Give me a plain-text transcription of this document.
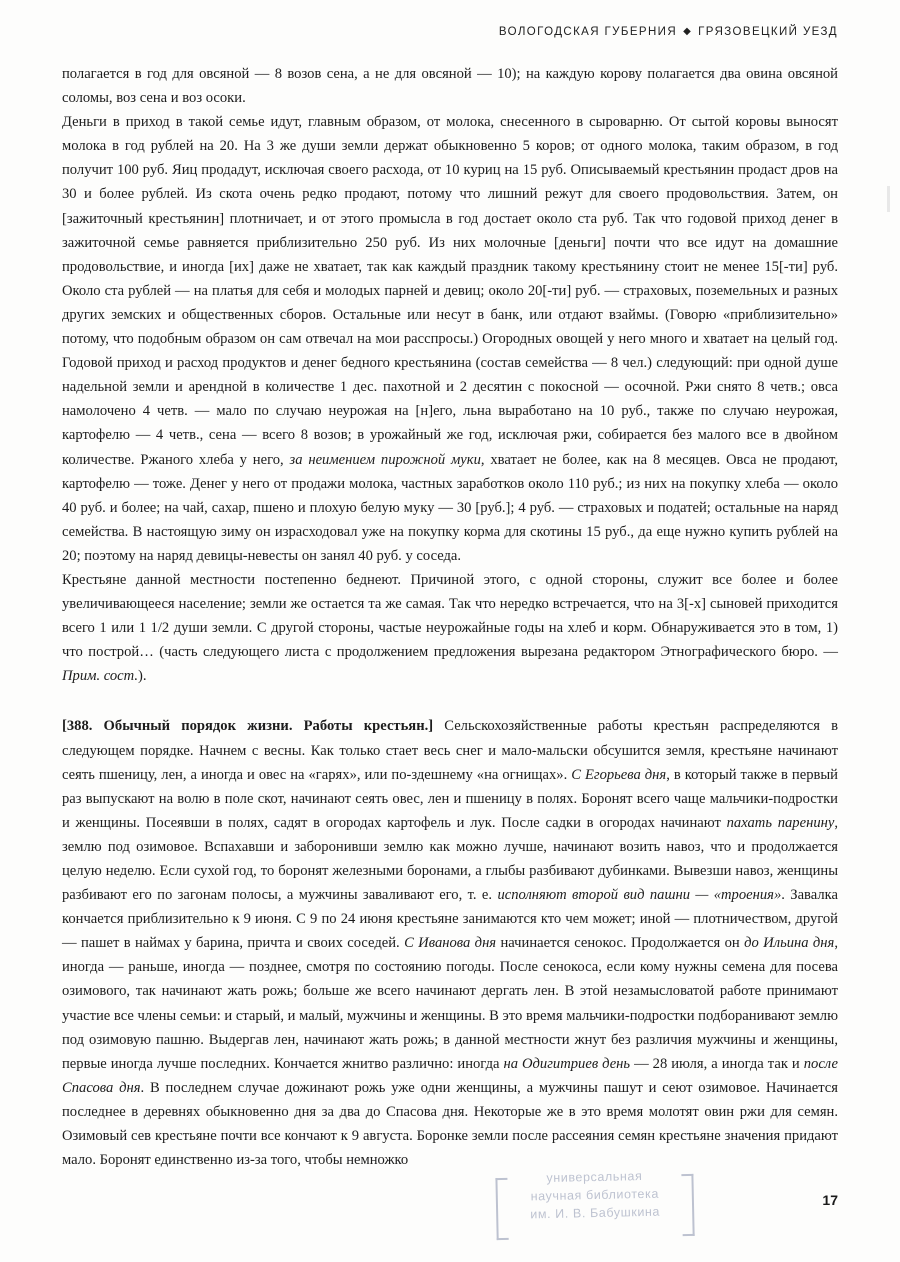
ВОЛОГОДСКАЯ ГУБЕРНИЯ ◆ ГРЯЗОВЕЦКИЙ УЕЗД

полагается в год для овсяной — 8 возов сена, а не для овсяной — 10); на каждую корову полагается два овина овсяной соломы, воз сена и воз осоки.

Деньги в приход в такой семье идут, главным образом, от молока, снесенного в сыроварню. От сытой коровы выносят молока в год рублей на 20. На 3 же души земли держат обыкновенно 5 коров; от одного молока, таким образом, в год получит 100 руб. Яиц продадут, исключая своего расхода, от 10 куриц на 15 руб. Описываемый крестьянин продаст дров на 30 и более рублей. Из скота очень редко продают, потому что лишний режут для своего продовольствия. Затем, он [зажиточный крестьянин] плотничает, и от этого промысла в год достает около ста руб. Так что годовой приход денег в зажиточной семье равняется приблизительно 250 руб. Из них молочные [деньги] почти что все идут на домашние продовольствие, и иногда [их] даже не хватает, так как каждый праздник такому крестьянину стоит не менее 15[-ти] руб. Около ста рублей — на платья для себя и молодых парней и девиц; около 20[-ти] руб. — страховых, поземельных и разных других земских и общественных сборов. Остальные или несут в банк, или отдают взаймы. (Говорю «приблизительно» потому, что подобным образом он сам отвечал на мои расспросы.) Огородных овощей у него много и хватает на целый год. Годовой приход и расход продуктов и денег бедного крестьянина (состав семейства — 8 чел.) следующий: при одной душе надельной земли и арендной в количестве 1 дес. пахотной и 2 десятин с покосной — осочной. Ржи снято 8 четв.; овса намолочено 4 четв. — мало по случаю неурожая на [н]его, льна выработано на 10 руб., также по случаю неурожая, картофелю — 4 четв., сена — всего 8 возов; в урожайный же год, исключая ржи, собирается без малого все в двойном количестве. Ржаного хлеба у него, за неимением пирожной муки, хватает не более, как на 8 месяцев. Овса не продают, картофелю — тоже. Денег у него от продажи молока, частных заработков около 110 руб.; из них на покупку хлеба — около 40 руб. и более; на чай, сахар, пшено и плохую белую муку — 30 [руб.]; 4 руб. — страховых и податей; остальные на наряд семейства. В настоящую зиму он израсходовал уже на покупку корма для скотины 15 руб., да еще нужно купить рублей на 20; поэтому на наряд девицы-невесты он занял 40 руб. у соседа.

Крестьяне данной местности постепенно беднеют. Причиной этого, с одной стороны, служит все более и более увеличивающееся население; земли же остается та же самая. Так что нередко встречается, что на 3[-х] сыновей приходится всего 1 или 1 1/2 души земли. С другой стороны, частые неурожайные годы на хлеб и корм. Обнаруживается это в том, 1) что построй… (часть следующего листа с продолжением предложения вырезана редактором Этнографического бюро. — Прим. сост.).

[388. Обычный порядок жизни. Работы крестьян.] Сельскохозяйственные работы крестьян распределяются в следующем порядке. Начнем с весны. Как только стает весь снег и мало-мальски обсушится земля, крестьяне начинают сеять пшеницу, лен, а иногда и овес на «гарях», или по-здешнему «на огнищах». С Егорьева дня, в который также в первый раз выпускают на волю в поле скот, начинают сеять овес, лен и пшеницу в полях. Боронят всего чаще мальчики-подростки и женщины. Посеявши в полях, садят в огородах картофель и лук. После садки в огородах начинают пахать паренину, землю под озимовое. Вспахавши и заборонивши землю как можно лучше, начинают возить навоз, что и продолжается целую неделю. Если сухой год, то боронят железными боронами, а глыбы разбивают дубинками. Вывезши навоз, женщины разбивают его по загонам полосы, а мужчины заваливают его, т. е. исполняют второй вид пашни — «троения». Завалка кончается приблизительно к 9 июня. С 9 по 24 июня крестьяне занимаются кто чем может; иной — плотничеством, другой — пашет в наймах у барина, причта и своих соседей. С Иванова дня начинается сенокос. Продолжается он до Ильина дня, иногда — раньше, иногда — позднее, смотря по состоянию погоды. После сенокоса, если кому нужны семена для посева озимового, так начинают жать рожь; больше же всего начинают дергать лен. В этой незамысловатой работе принимают участие все члены семьи: и старый, и малый, мужчины и женщины. В это время мальчики-подростки подборанивают землю под озимовую пашню. Выдергав лен, начинают жать рожь; в данной местности жнут без различия мужчины и женщины, первые иногда лучше последних. Кончается жнитво различно: иногда на Одигитриев день — 28 июля, а иногда так и после Спасова дня. В последнем случае дожинают рожь уже одни женщины, а мужчины пашут и сеют озимовое. Начинается последнее в деревнях обыкновенно дня за два до Спасова дня. Некоторые же в это время молотят овин ржи для семян. Озимовый сев крестьяне почти все кончают к 9 августа. Боронке земли после рассеяния семян крестьяне значения придают мало. Боронят единственно из-за того, чтобы немножко

универсальная
научная библиотека
им. И. В. Бабушкина
17
